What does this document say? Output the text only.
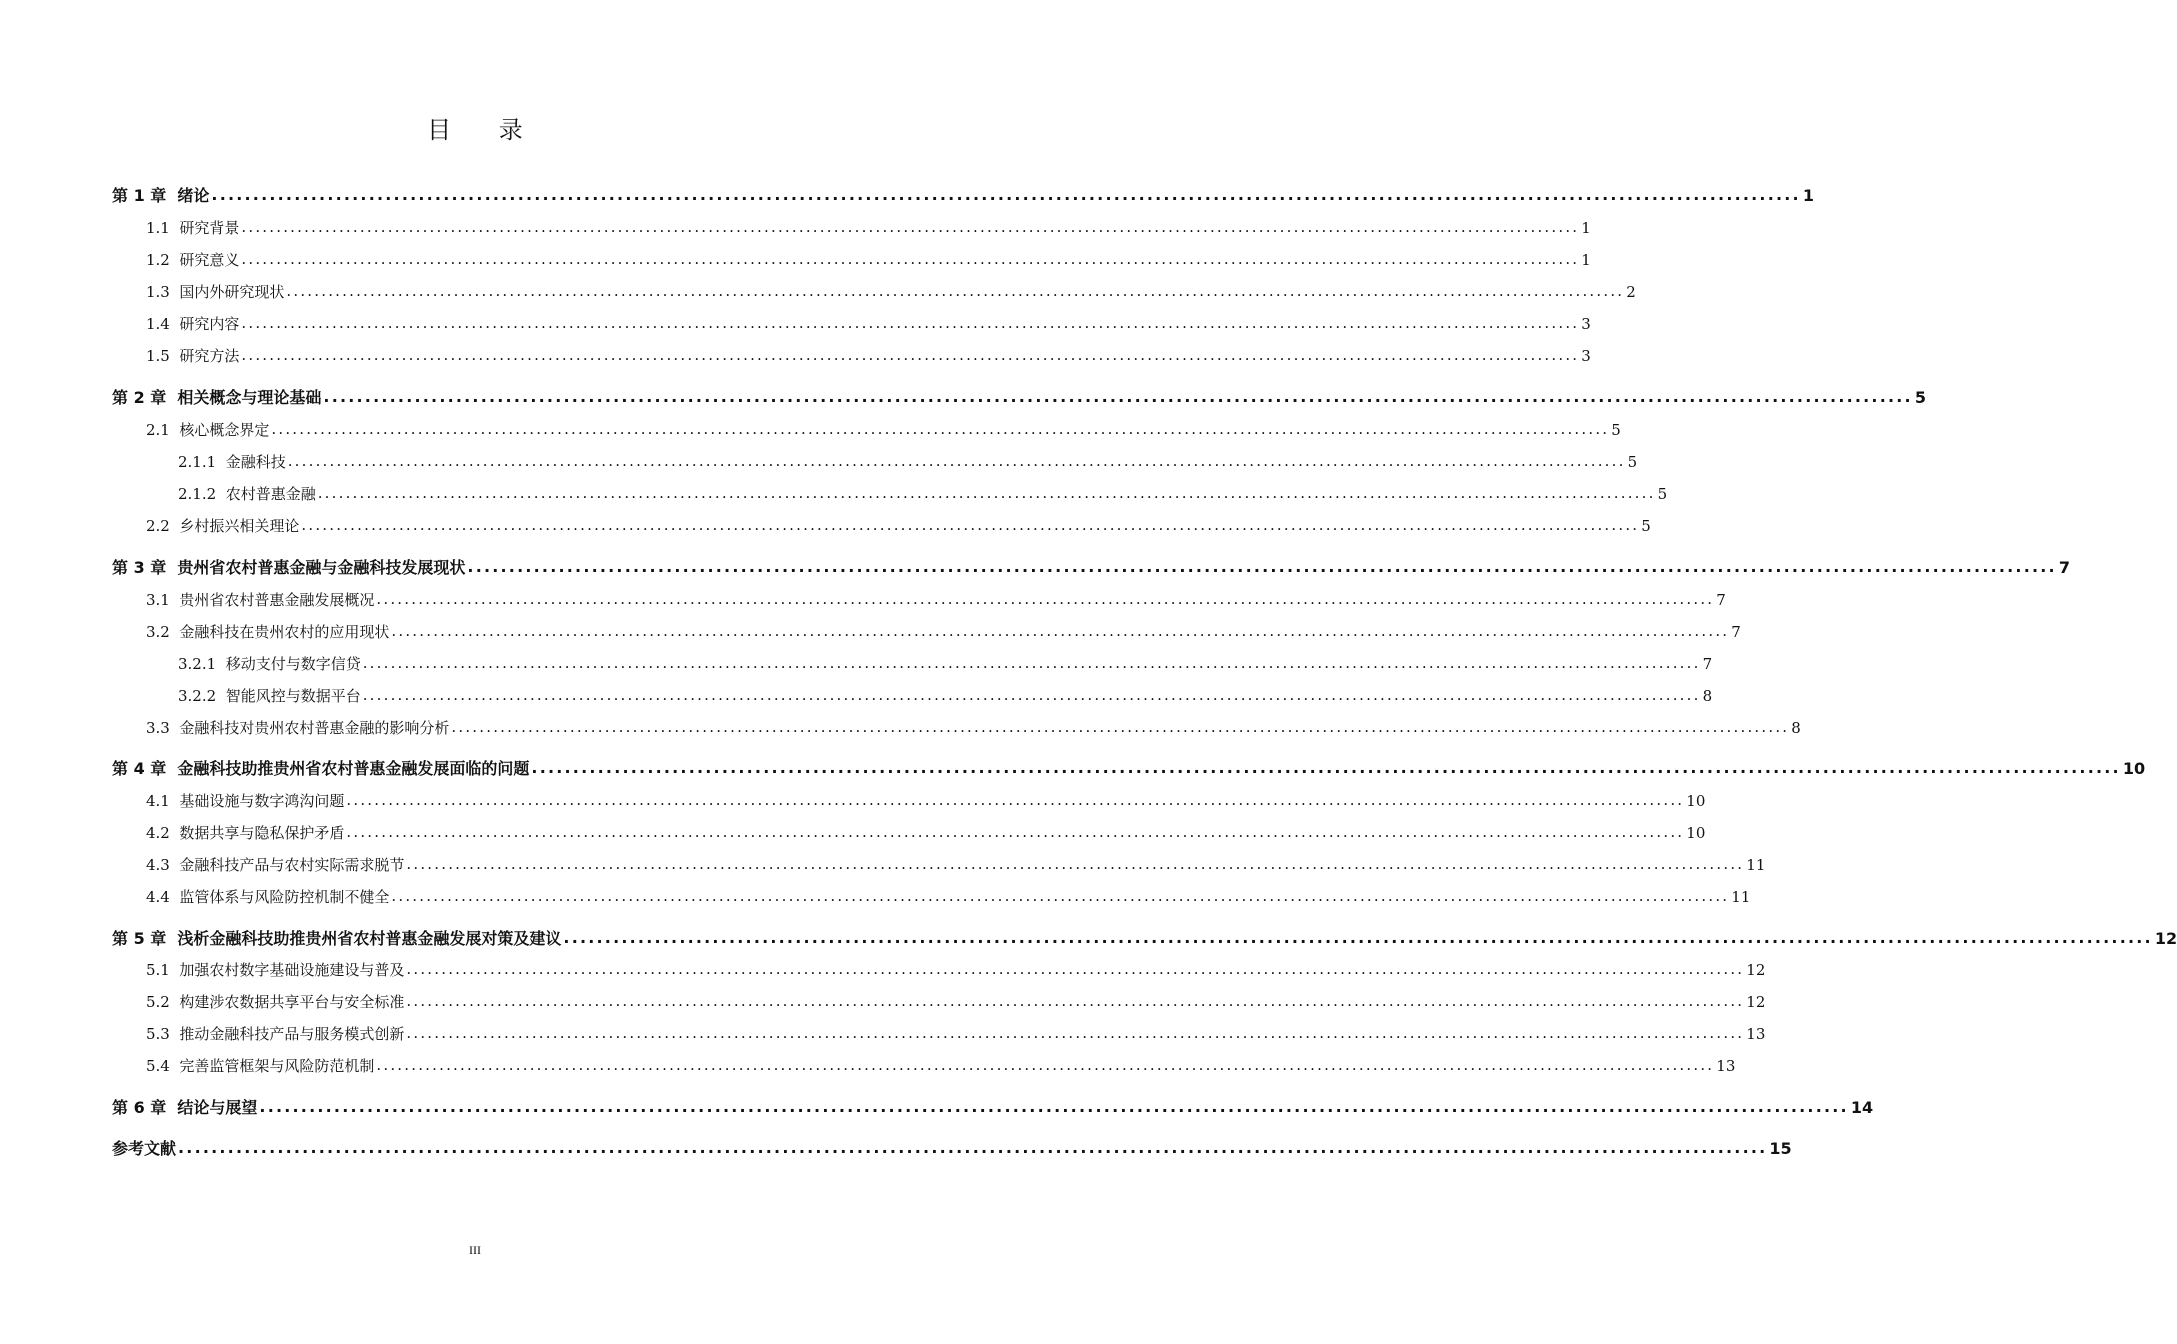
目 录
第 1 章  绪论 ................................................................................................................................................................................................ 1
1.1  研究背景 ................................................................................................................................................................................................ 1
1.2  研究意义 ................................................................................................................................................................................................ 1
1.3  国内外研究现状 ................................................................................................................................................................................................ 2
1.4  研究内容 ................................................................................................................................................................................................ 3
1.5  研究方法 ................................................................................................................................................................................................ 3
第 2 章  相关概念与理论基础 ................................................................................................................................................................................................ 5
2.1  核心概念界定 ................................................................................................................................................................................................ 5
2.1.1  金融科技 ................................................................................................................................................................................................ 5
2.1.2  农村普惠金融 ................................................................................................................................................................................................ 5
2.2  乡村振兴相关理论 ................................................................................................................................................................................................ 5
第 3 章  贵州省农村普惠金融与金融科技发展现状 ................................................................................................................................................................................................ 7
3.1  贵州省农村普惠金融发展概况 ................................................................................................................................................................................................ 7
3.2  金融科技在贵州农村的应用现状 ................................................................................................................................................................................................ 7
3.2.1  移动支付与数字信贷 ................................................................................................................................................................................................ 7
3.2.2  智能风控与数据平台 ................................................................................................................................................................................................ 8
3.3  金融科技对贵州农村普惠金融的影响分析 ................................................................................................................................................................................................ 8
第 4 章  金融科技助推贵州省农村普惠金融发展面临的问题 ................................................................................................................................................................................................ 10
4.1  基础设施与数字鸿沟问题 ................................................................................................................................................................................................ 10
4.2  数据共享与隐私保护矛盾 ................................................................................................................................................................................................ 10
4.3  金融科技产品与农村实际需求脱节 ................................................................................................................................................................................................ 11
4.4  监管体系与风险防控机制不健全 ................................................................................................................................................................................................ 11
第 5 章  浅析金融科技助推贵州省农村普惠金融发展对策及建议 ................................................................................................................................................................................................ 12
5.1  加强农村数字基础设施建设与普及 ................................................................................................................................................................................................ 12
5.2  构建涉农数据共享平台与安全标准 ................................................................................................................................................................................................ 12
5.3  推动金融科技产品与服务模式创新 ................................................................................................................................................................................................ 13
5.4  完善监管框架与风险防范机制 ................................................................................................................................................................................................ 13
第 6 章  结论与展望 ................................................................................................................................................................................................ 14
参考文献 ................................................................................................................................................................................................ 15
III
